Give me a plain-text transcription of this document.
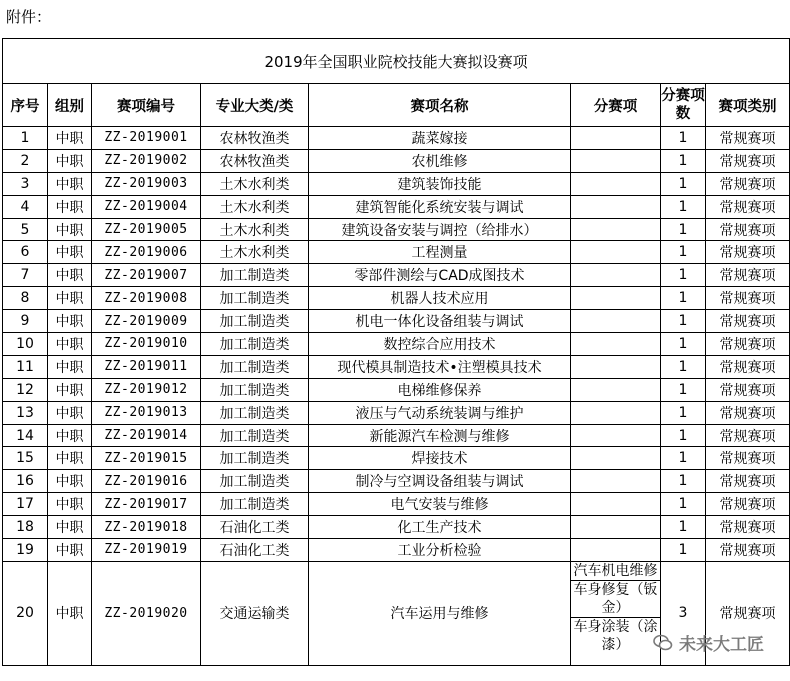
附件：
2019年全国职业院校技能大赛拟设赛项							
序号	组别	赛项编号	专业大类/类	赛项名称	分赛项	分赛项数	赛项类别
1	中职	ZZ-2019001	农林牧渔类	蔬菜嫁接		1	常规赛项
2	中职	ZZ-2019002	农林牧渔类	农机维修		1	常规赛项
3	中职	ZZ-2019003	土木水利类	建筑装饰技能		1	常规赛项
4	中职	ZZ-2019004	土木水利类	建筑智能化系统安装与调试		1	常规赛项
5	中职	ZZ-2019005	土木水利类	建筑设备安装与调控（给排水）		1	常规赛项
6	中职	ZZ-2019006	土木水利类	工程测量		1	常规赛项
7	中职	ZZ-2019007	加工制造类	零部件测绘与CAD成图技术		1	常规赛项
8	中职	ZZ-2019008	加工制造类	机器人技术应用		1	常规赛项
9	中职	ZZ-2019009	加工制造类	机电一体化设备组装与调试		1	常规赛项
10	中职	ZZ-2019010	加工制造类	数控综合应用技术		1	常规赛项
11	中职	ZZ-2019011	加工制造类	现代模具制造技术•注塑模具技术		1	常规赛项
12	中职	ZZ-2019012	加工制造类	电梯维修保养		1	常规赛项
13	中职	ZZ-2019013	加工制造类	液压与气动系统装调与维护		1	常规赛项
14	中职	ZZ-2019014	加工制造类	新能源汽车检测与维修		1	常规赛项
15	中职	ZZ-2019015	加工制造类	焊接技术		1	常规赛项
16	中职	ZZ-2019016	加工制造类	制冷与空调设备组装与调试		1	常规赛项
17	中职	ZZ-2019017	加工制造类	电气安装与维修		1	常规赛项
18	中职	ZZ-2019018	石油化工类	化工生产技术		1	常规赛项
19	中职	ZZ-2019019	石油化工类	工业分析检验		1	常规赛项
20	中职	ZZ-2019020	交通运输类	汽车运用与维修	汽车机电维修
车身修复（钣金）
车身涂装（涂漆）	3	常规赛项
未来大工匠
